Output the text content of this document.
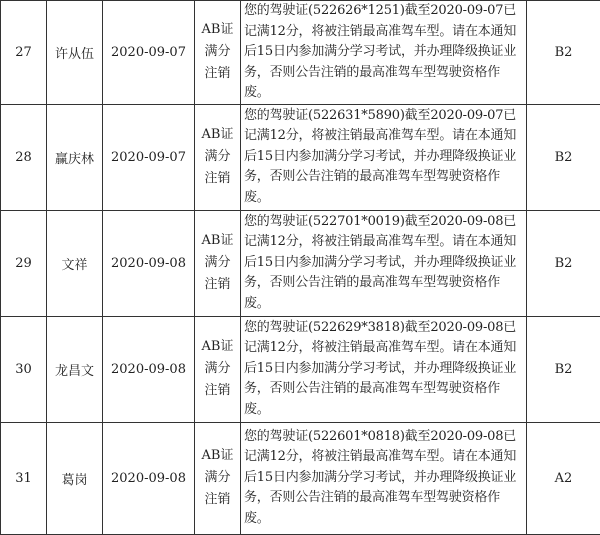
27	许从伍	2020-09-07	AB证满分注销	您的驾驶证(522626*1251)截至2020-09-07已记满12分，将被注销最高准驾车型。请在本通知后15日内参加满分学习考试，并办理降级换证业务，否则公告注销的最高准驾车型驾驶资格作废。	B2
28	赢庆林	2020-09-07	AB证满分注销	您的驾驶证(522631*5890)截至2020-09-07已记满12分，将被注销最高准驾车型。请在本通知后15日内参加满分学习考试，并办理降级换证业务，否则公告注销的最高准驾车型驾驶资格作废。	B2
29	文祥	2020-09-08	AB证满分注销	您的驾驶证(522701*0019)截至2020-09-08已记满12分，将被注销最高准驾车型。请在本通知后15日内参加满分学习考试，并办理降级换证业务，否则公告注销的最高准驾车型驾驶资格作废。	B2
30	龙昌文	2020-09-08	AB证满分注销	您的驾驶证(522629*3818)截至2020-09-08已记满12分，将被注销最高准驾车型。请在本通知后15日内参加满分学习考试，并办理降级换证业务，否则公告注销的最高准驾车型驾驶资格作废。	B2
31	葛岗	2020-09-08	AB证满分注销	您的驾驶证(522601*0818)截至2020-09-08已记满12分，将被注销最高准驾车型。请在本通知后15日内参加满分学习考试，并办理降级换证业务，否则公告注销的最高准驾车型驾驶资格作废。	A2
